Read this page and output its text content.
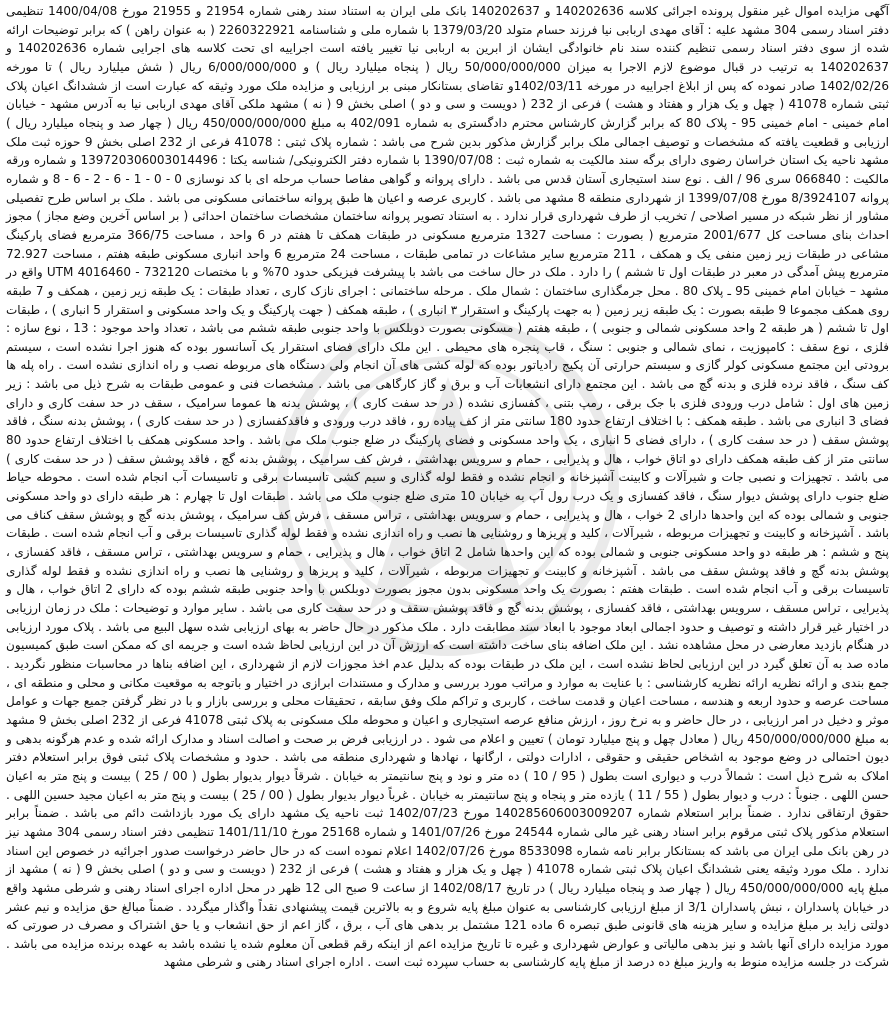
آگهی مزایده اموال غیر منقول پرونده اجرائی کلاسه 140202636 و 140202637 بانک ملی ایران به استناد سند رهنی شماره 21954 و 21955 مورخ 1400/04/08 تنظیمی دفتر اسناد رسمی 304 مشهد علیه : آقای مهدی اربابی نیا فرزند حسام متولد 1379/03/20 با شماره ملی و شناسنامه 2260322921 ( به عنوان راهن ) که برابر توضیحات ارائه شده از سوی دفتر اسناد رسمی تنظیم کننده سند نام خانوادگی ایشان از ابرین به اربابی نیا تغییر یافته است اجراییه ای تحت کلاسه های اجرایی شماره 140202636 و 140202637 به ترتیب در قبال موضوع لازم الاجرا به میزان 50/000/000/000 ریال ( پنجاه میلیارد ریال ) و 6/000/000/000 ریال ( شش میلیارد ریال ) تا مورخه 1402/02/26 صادر نموده که پس از ابلاغ اجراییه در مورخه 1402/03/11و تقاضای بستانکار مبنی بر ارزیابی و مزایده ملک مورد وثیقه که عبارت است از ششدانگ اعیان پلاک ثبتی شماره 41078 ( چهل و یک هزار و هفتاد و هشت ) فرعی از 232 ( دویست و سی و دو ) اصلی بخش 9 ( نه ) مشهد ملکی آقای مهدی اربابی نیا به آدرس مشهد - خیابان امام خمینی - امام خمینی 95 - پلاک 80 که برابر گزارش کارشناس محترم دادگستری به شماره 402/091 به مبلغ 450/000/000/000 ریال ( چهار صد و پنجاه میلیارد ریال ) ارزیابی و قطعیت یافته که مشخصات و توصیف اجمالی ملک برابر گزارش مذکور بدین شرح می باشد : شماره پلاک ثبتی : 41078 فرعی از 232 اصلی بخش 9 حوزه ثبت ملک مشهد ناحیه یک استان خراسان رضوی دارای برگه سند مالکیت به شماره ثبت : 1390/07/08 با شماره دفتر الکترونیکی/ شناسه یکتا : 139720306003014496 و شماره ورقه مالکیت : 066840 سری 96 / الف . نوع سند استیجاری آستان قدس می باشد . دارای پروانه و گواهی مفاصا حساب مرحله ای با کد نوسازی 0 - 0 - 1 - 6 - 2 - 6 - 8 و شماره پروانه 8/3924107 مورخ 1399/07/08 از شهرداری منطقه 8 مشهد می باشد . کاربری عرصه و اعیان ها طبق پروانه ساختمانی مسکونی می باشد . ملک بر اساس طرح تفصیلی مشاور از نظر شبکه در مسیر اصلاحی / تخریب از طرف شهرداری قرار ندارد . به استناد تصویر پروانه ساختمان مشخصات ساختمان احداثی ( بر اساس آخرین وضع مجاز ) مجوز احداث بنای مساحت کل 2001/677 مترمربع ( بصورت : مساحت 1327 مترمربع مسکونی در طبقات همکف تا هفتم در 6 واحد ، مساحت 366/75 مترمربع فضای پارکینگ مشاعی در طبقات زیر زمین منفی یک و همکف ، 211 مترمربع سایر مشاعات در تمامی طبقات ، مساحت 24 مترمربع 6 واحد انباری مسکونی طبقه هفتم ، مساحت 72.927 مترمربع پیش آمدگی در معبر در طبقات اول تا ششم ) را دارد . ملک در حال ساخت می باشد با پیشرفت فیزیکی حدود 70% و با مختصات UTM 4016460 - 732120 واقع در مشهد – خیابان امام خمینی 95 ـ پلاک 80 . محل جرمگذاری ساختمان : شمال ملک . مرحله ساختمانی : اجرای نازک کاری ، تعداد طبقات : یک طبقه زیر زمین ، همکف و 7 طبقه روی همکف مجموعا 9 طبقه بصورت : یک طبقه زیر زمین ( به جهت پارکینگ و استقرار ۳ انباری ) ، طبقه همکف ( جهت پارکینگ و یک واحد مسکونی و استقرار 5 انباری ) ، طبقات اول تا ششم ( هر طبقه 2 واحد مسکونی شمالی و جنوبی ) ، طبقه هفتم ( مسکونی بصورت دوبلکس با واحد جنوبی طبقه ششم می باشد ، تعداد واحد موجود : 13 ، نوع سازه : فلزی ، نوع سقف : کامپوزیت ، نمای شمالی و جنوبی : سنگ ، قاب پنجره های محیطی . این ملک دارای فضای استقرار یک آسانسور بوده که هنوز اجرا نشده است ، سیستم برودتی این مجتمع مسکونی کولر گازی و سیستم حرارتی آن پکیج رادیاتور بوده که لوله کشی های آن انجام ولی دستگاه های مربوطه نصب و راه اندازی نشده است . راه پله ها کف سنگ ، فاقد نرده فلزی و بدنه گچ می باشد . این مجتمع دارای انشعابات آب و برق و گاز کارگاهی می باشد . مشخصات فنی و عمومی طبقات به شرح ذیل می باشد : زیر زمین های اول : شامل درب ورودی فلزی با جک برقی ، رمپ بتنی ، کفسازی نشده ( در حد سفت کاری ) ، پوشش بدنه ها عموما سرامیک ، سقف در حد سفت کاری و دارای فضای 3 انباری می باشد . طبقه همکف : با اختلاف ارتفاع حدود 180 سانتی متر از کف پیاده رو ، فاقد درب ورودی و فاقدکفسازی ( در حد سفت کاری ) ، پوشش بدنه سنگ ، فاقد پوشش سقف ( در حد سفت کاری ) ، دارای فضای 5 انباری ، یک واحد مسکونی و فضای پارکینگ در ضلع جنوب ملک می باشد . واحد مسکونی همکف با اختلاف ارتفاع حدود 80 سانتی متر از کف طبقه همکف دارای دو اتاق خواب ، هال و پذیرایی ، حمام و سرویس بهداشتی ، فرش کف سرامیک ، پوشش بدنه گچ ، فاقد پوشش سقف ( در حد سفت کاری ) می باشد . تجهیزات و نصبی جات و شیرآلات و کابینت آشپزخانه و انجام نشده و فقط لوله گذاری و سیم کشی تاسیسات برقی و تاسیسات آب انجام شده است . محوطه حیاط ضلع جنوب دارای پوشش دیوار سنگ ، فاقد کفسازی و یک درب رول آپ به خیابان 10 متری ضلع جنوب ملک می باشد . طبقات اول تا چهارم : هر طبقه دارای دو واحد مسکونی جنوبی و شمالی بوده که این واحدها دارای 2 خواب ، هال و پذیرایی ، حمام و سرویس بهداشتی ، تراس مسقف ، فرش کف سرامیک ، پوشش بدنه گچ و پوشش سقف کناف می باشد . آشپزخانه و کابینت و تجهیزات مربوطه ، شیرآلات ، کلید و پریزها و روشنایی ها نصب و راه اندازی نشده و فقط لوله گذاری تاسیسات برقی و آب انجام شده است . طبقات پنج و ششم : هر طبقه دو واحد مسکونی جنوبی و شمالی بوده که این واحدها شامل 2 اتاق خواب ، هال و پذیرایی ، حمام و سرویس بهداشتی ، تراس مسقف ، فاقد کفسازی ، پوشش بدنه گچ و فاقد پوشش سقف می باشد . آشپزخانه و کابینت و تجهیزات مربوطه ، شیرآلات ، کلید و پریزها و روشنایی ها نصب و راه اندازی نشده و فقط لوله گذاری تاسیسات برقی و آب انجام شده است . طبقات هفتم : بصورت یک واحد مسکونی بدون مجوز بصورت دوبلکس با واحد جنوبی طبقه ششم بوده که دارای 2 اتاق خواب ، هال و پذیرایی ، تراس مسقف ، سرویس بهداشتی ، فاقد کفسازی ، پوشش بدنه گچ و فاقد پوشش سقف و در حد سفت کاری می باشد . سایر موارد و توضیحات : ملک در زمان ارزیابی در اختیار غیر قرار داشته و توصیف و حدود اجمالی ابعاد موجود با ابعاد سند مطابقت دارد . ملک مذکور در حال حاضر به بهای ارزیابی شده سهل البیع می باشد . پلاک مورد ارزیابی در هنگام بازدید معارضی در محل مشاهده نشد . این ملک اضافه بنای ساخت داشته است که ارزش آن در این ارزیابی لحاظ شده است و جریمه ای که ممکن است طبق کمیسیون ماده صد به آن تعلق گیرد در این ارزیابی لحاظ نشده است ، این ملک در طبقات بوده که بدلیل عدم اخذ مجوزات لازم از شهرداری ، این اضافه بناها در محاسبات منظور نگردید . جمع بندی و ارائه نظریه ارائه نظریه کارشناسی : با عنایت به موارد و مراتب مورد بررسی و مدارک و مستندات ابرازی در اختیار و باتوجه به موقعیت مکانی و محلی و منطقه ای ، مساحت عرصه و حدود اربعه و هندسه ، مساحت اعیان و قدمت ساخت ، کاربری و تراکم ملک وفق سابقه ، تحقیقات محلی و بررسی بازار و با در نظر گرفتن جمیع جهات و عوامل موثر و دخیل در امر ارزیابی ، در حال حاضر و به نرخ روز ، ارزش منافع عرصه استیجاری و اعیان و محوطه ملک مسکونی به پلاک ثبتی 41078 فرعی از 232 اصلی بخش 9 مشهد به مبلغ 450/000/000/000 ریال ( معادل چهل و پنج میلیارد تومان ) تعیین و اعلام می شود . در ارزیابی فرض بر صحت و اصالت اسناد و مدارک ارائه شده و عدم هرگونه بدهی و دیون احتمالی در وضع موجود به اشخاص حقیقی و حقوقی ، ادارات دولتی ، ارگانها ، نهادها و شهرداری منطقه می باشد . حدود و مشخصات پلاک ثبتی فوق برابر استعلام دفتر املاک به شرح ذیل است : شمالاً درب و دیواری است بطول ( 95 / 10 ) ده متر و نود و پنج سانتیمتر به خیابان . شرقاً دیوار بدیوار بطول ( 00 / 25 ) بیست و پنج متر به اعیان حسن اللهی . جنوباً : درب و دیوار بطول ( 55 / 11 ) یازده متر و پنجاه و پنج سانتیمتر به خیابان . غرباً دیوار بدیوار بطول ( 00 / 25 ) بیست و پنج متر به اعیان مجید حسین اللهی . حقوق ارتفاقی ندارد . ضمناً برابر استعلام شماره 140285606003009207 مورخ 1402/07/23 ثبت ناحیه یک مشهد دارای یک مورد بازداشت دائم می باشد . ضمناً برابر استعلام مذکور پلاک ثبتی مرقوم برابر اسناد رهنی غیر مالی شماره 24544 مورخ 1401/07/26 و شماره 25168 مورخ 1401/11/10 تنظیمی دفتر اسناد رسمی 304 مشهد نیز در رهن بانک ملی ایران می باشد که بستانکار برابر نامه شماره 8533098 مورخ 1402/07/26 اعلام نموده است که در حال حاضر درخواست صدور اجرائیه در خصوص این اسناد ندارد . ملک مورد وثیقه یعنی ششدانگ اعیان پلاک ثبتی شماره 41078 ( چهل و یک هزار و هفتاد و هشت ) فرعی از 232 ( دویست و سی و دو ) اصلی بخش 9 ( نه ) مشهد از مبلغ پایه 450/000/000/000 ریال ( چهار صد و پنجاه میلیارد ریال ) در تاریخ 1402/08/17 از ساعت 9 صبح الی 12 ظهر در محل اداره اجرای اسناد رهنی و شرطی مشهد واقع در خیابان پاسداران ، نبش پاسداران 3/1 از مبلغ ارزیابی کارشناسی به عنوان مبلغ پایه شروع و به بالاترین قیمت پیشنهادی نقداً واگذار میگردد . ضمناً مبالغ حق مزایده و نیم عشر دولتی زاید بر مبلغ مزایده و سایر هزینه های قانونی طبق تبصره 6 ماده 121 مشتمل بر بدهی های آب ، برق ، گاز اعم از حق انشعاب و یا حق اشتراک و مصرف در صورتی که مورد مزایده دارای آنها باشد و نیز بدهی مالیاتی و عوارض شهرداری و غیره تا تاریخ مزایده اعم از اینکه رقم قطعی آن معلوم شده یا نشده باشد به عهده برنده مزایده می باشد . شرکت در جلسه مزایده منوط به واریز مبلغ ده درصد از مبلغ پایه کارشناسی به حساب سپرده ثبت است . اداره اجرای اسناد رهنی و شرطی مشهد
